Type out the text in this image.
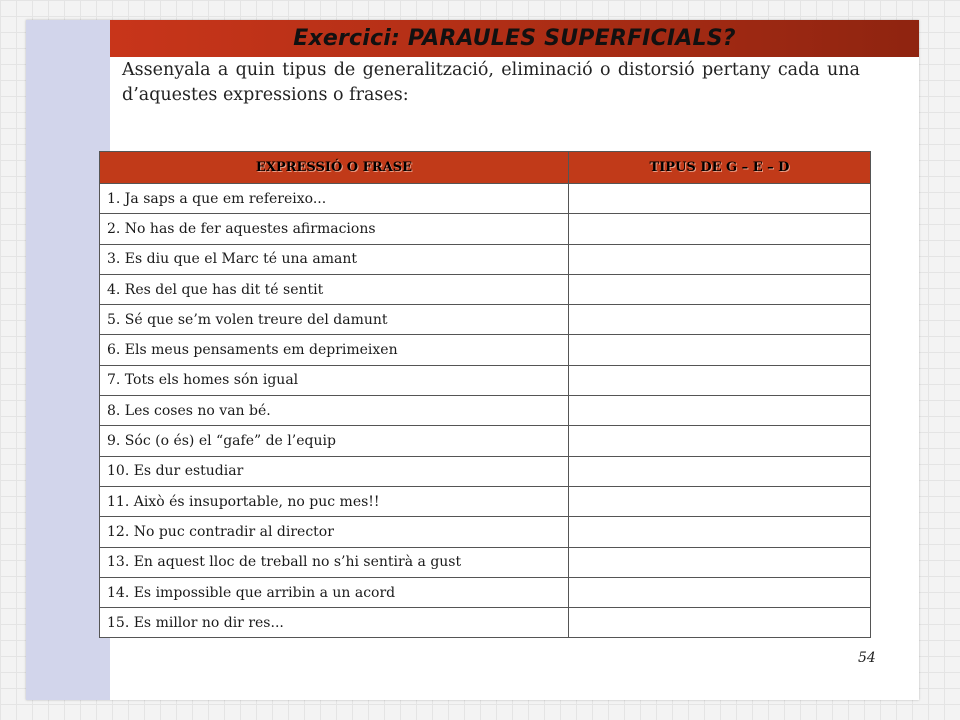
Exercici: PARAULES SUPERFICIALS?
Assenyala a quin tipus de generalització, eliminació o distorsió pertany cada una d’aquestes expressions o frases:
EXPRESSIÓ O FRASE	TIPUS DE G – E – D
1. Ja saps a que em refereixo...	
2. No has de fer aquestes afirmacions	
3. Es diu que el Marc té una amant	
4. Res del que has dit té sentit	
5. Sé que se’m volen treure del damunt	
6. Els meus pensaments em deprimeixen	
7. Tots els homes són igual	
8. Les coses no van bé.	
9. Sóc (o és) el “gafe” de l’equip	
10. Es dur estudiar	
11. Això és insuportable, no puc mes!!	
12. No puc contradir al director	
13. En aquest lloc de treball no s’hi sentirà a gust	
14. Es impossible que arribin a un acord	
15. Es millor no dir res...	
54
